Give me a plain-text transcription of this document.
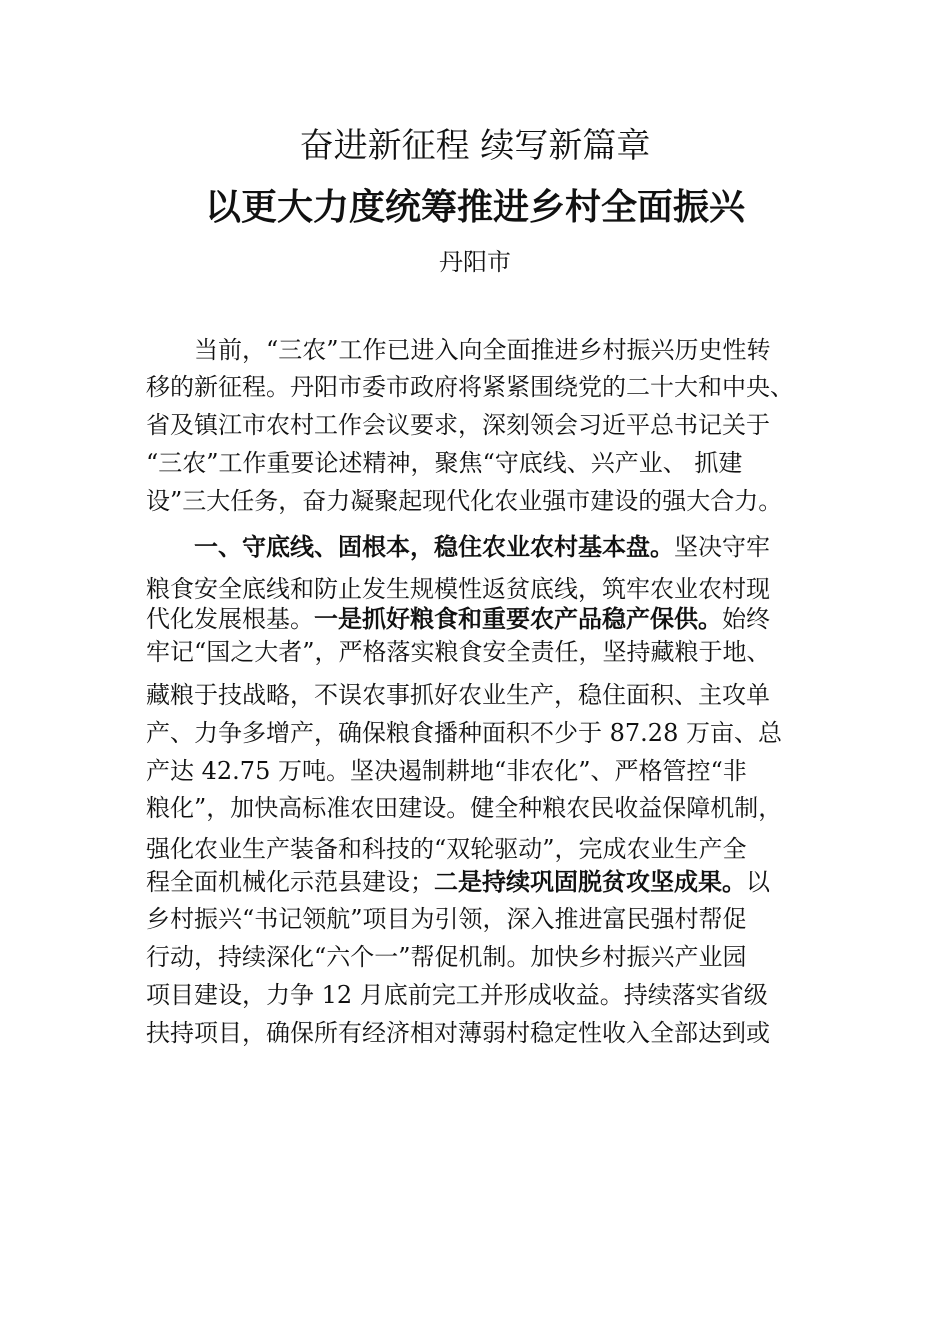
奋进新征程 续写新篇章
以更大力度统筹推进乡村全面振兴

丹阳市

当前，“三农”工作已进入向全面推进乡村振兴历史性转

移的新征程。丹阳市委市政府将紧紧围绕党的二十大和中央、

省及镇江市农村工作会议要求，深刻领会习近平总书记关于

“三农”工作重要论述精神，聚焦“守底线、兴产业、 抓建

设”三大任务，奋力凝聚起现代化农业强市建设的强大合力。

一、守底线、固根本，稳住农业农村基本盘。坚决守牢

粮食安全底线和防止发生规模性返贫底线，筑牢农业农村现

代化发展根基。一是抓好粮食和重要农产品稳产保供。始终

牢记“国之大者”，严格落实粮食安全责任，坚持藏粮于地、

藏粮于技战略，不误农事抓好农业生产，稳住面积、主攻单

产、力争多增产，确保粮食播种面积不少于 87.28 万亩、总

产达 42.75 万吨。坚决遏制耕地“非农化”、严格管控“非

粮化”，加快高标准农田建设。健全种粮农民收益保障机制，

强化农业生产装备和科技的“双轮驱动”，完成农业生产全

程全面机械化示范县建设；二是持续巩固脱贫攻坚成果。以

乡村振兴“书记领航”项目为引领，深入推进富民强村帮促

行动，持续深化“六个一”帮促机制。加快乡村振兴产业园

项目建设，力争 12 月底前完工并形成收益。持续落实省级

扶持项目，确保所有经济相对薄弱村稳定性收入全部达到或
